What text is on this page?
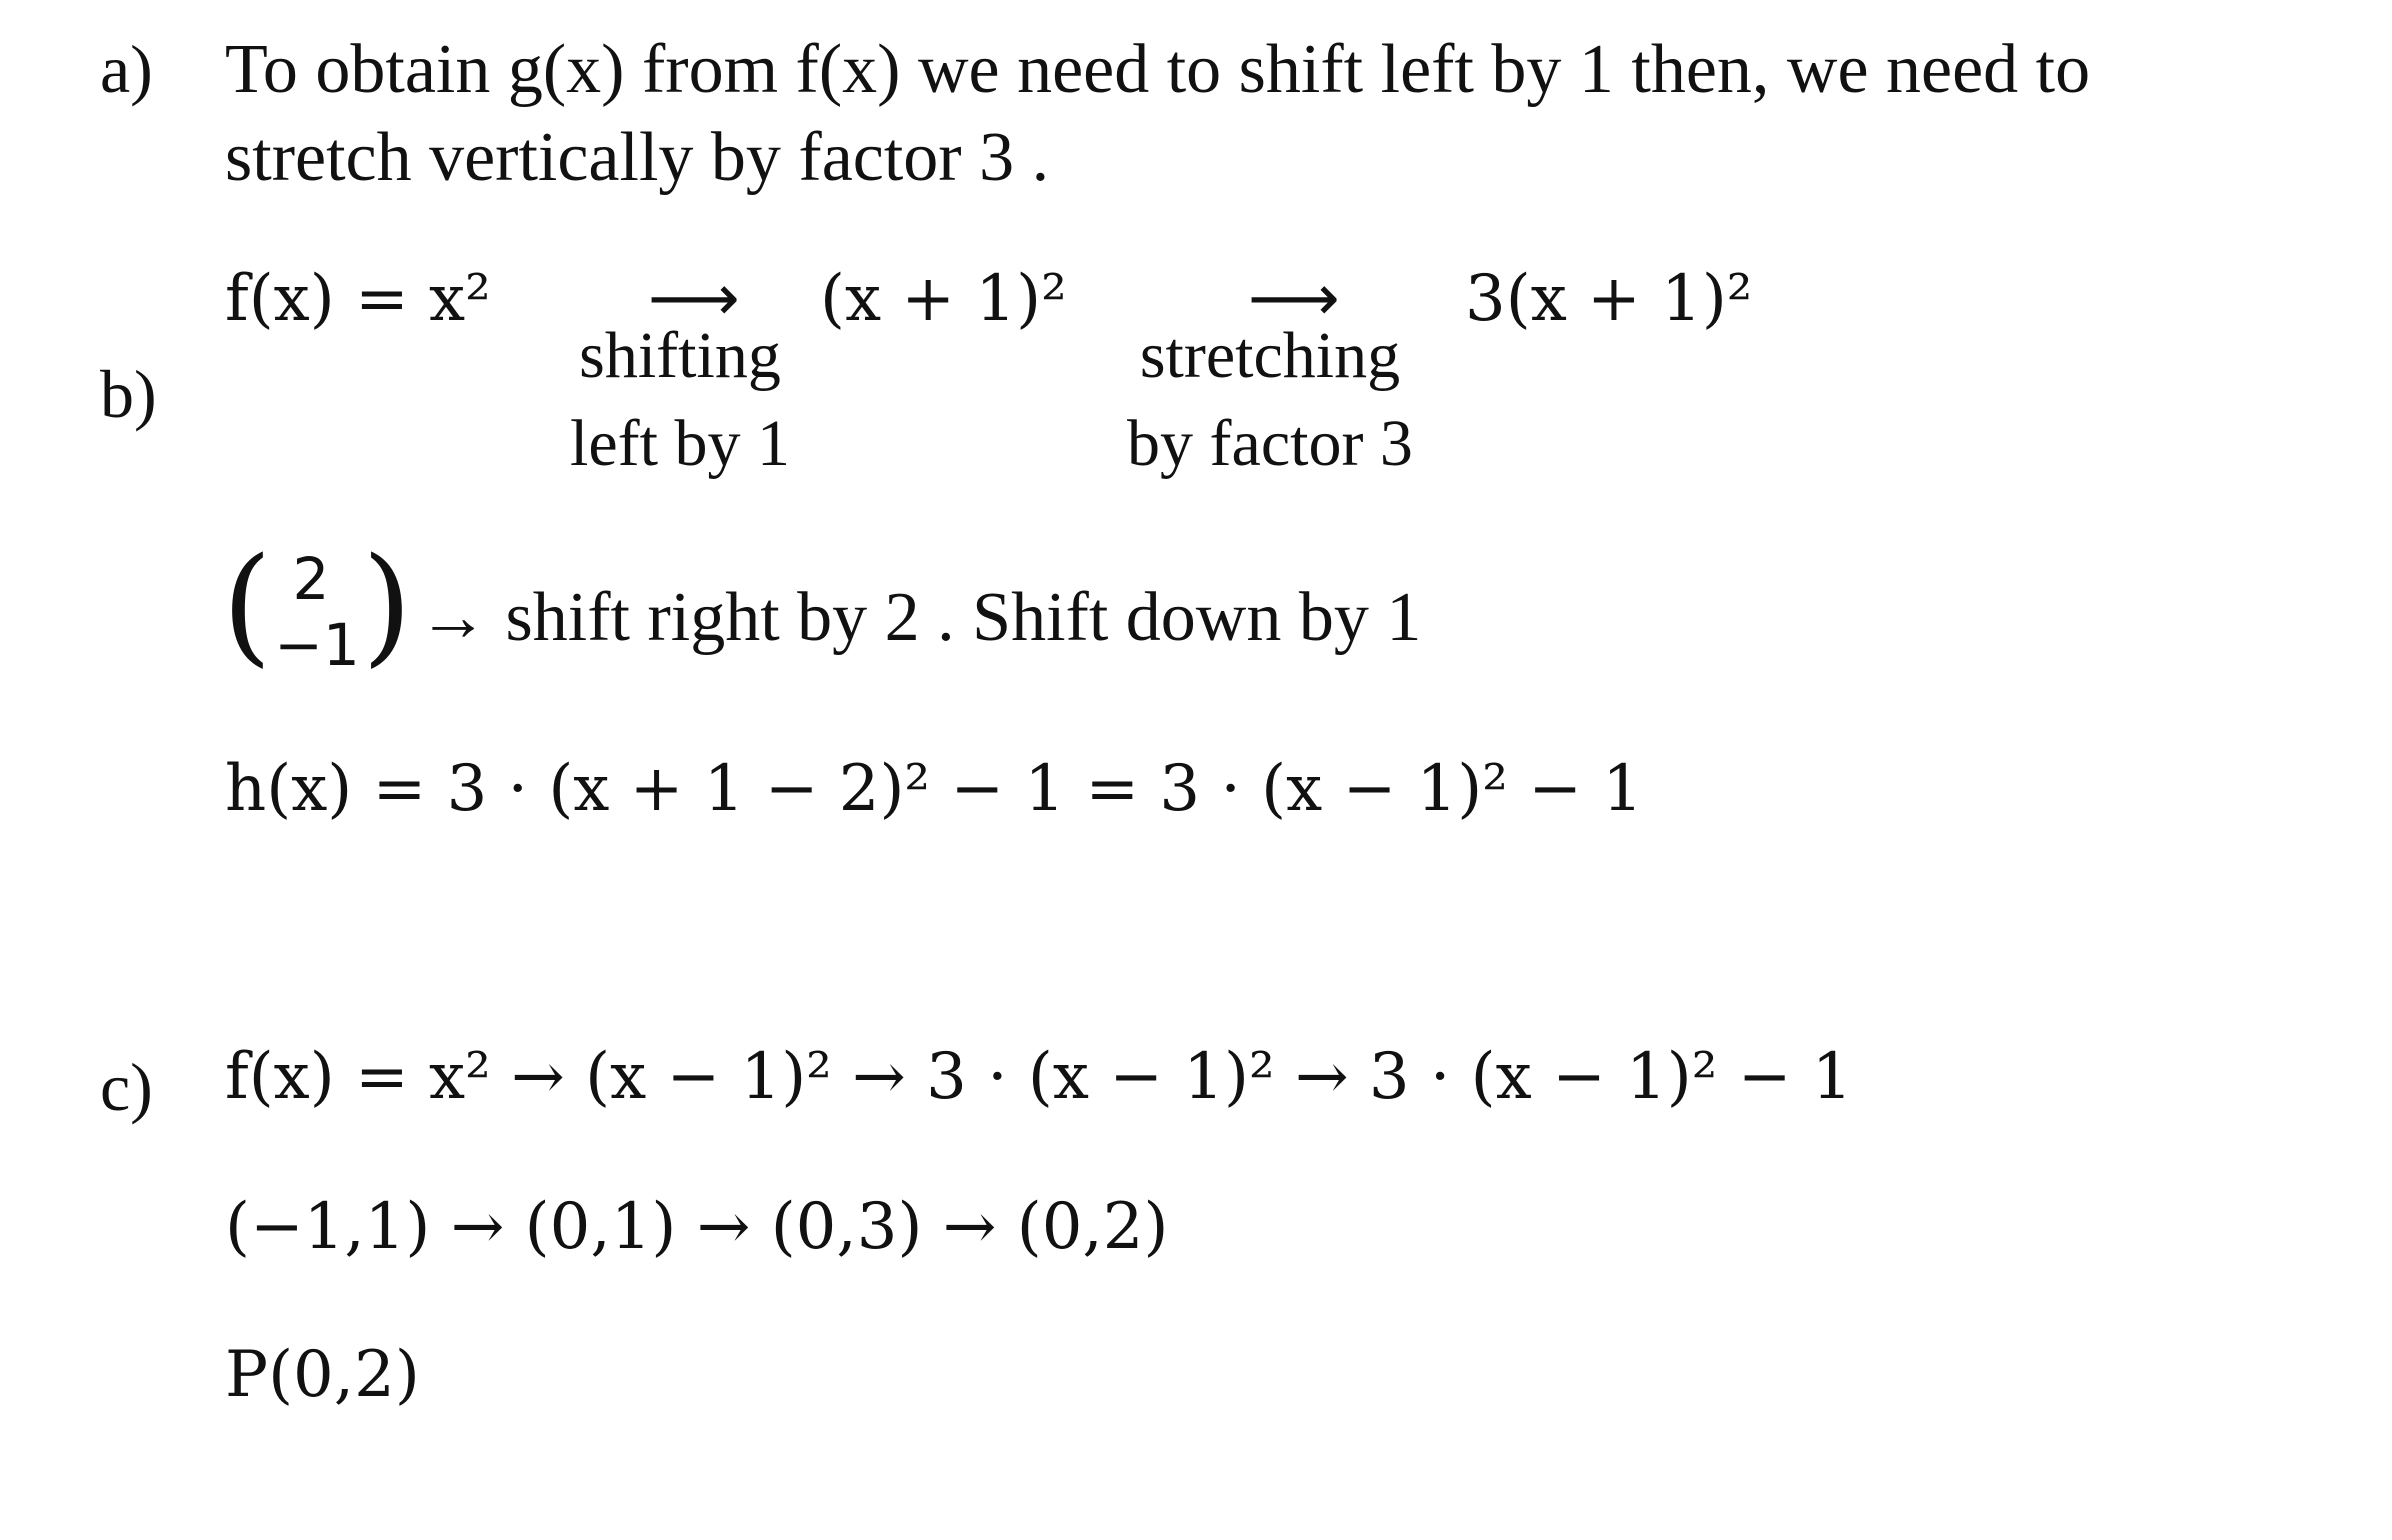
a) To obtain g(x) from f(x) we need to shift left by 1 then, we need to
stretch vertically by factor 3 .
b)
f(x) = x² ⟶ (x + 1)²	⟶ 3(x + 1)²
shifting
left by 1
stretching
by factor 3
( 2
−1 ) → shift right by 2 . Shift down by 1
h(x) = 3 · (x + 1 − 2)² − 1 = 3 · (x − 1)² − 1
c) f(x) = x² → (x − 1)² → 3 · (x − 1)² → 3 · (x − 1)² − 1
(−1,1) → (0,1) → (0,3) → (0,2)
P(0,2)
